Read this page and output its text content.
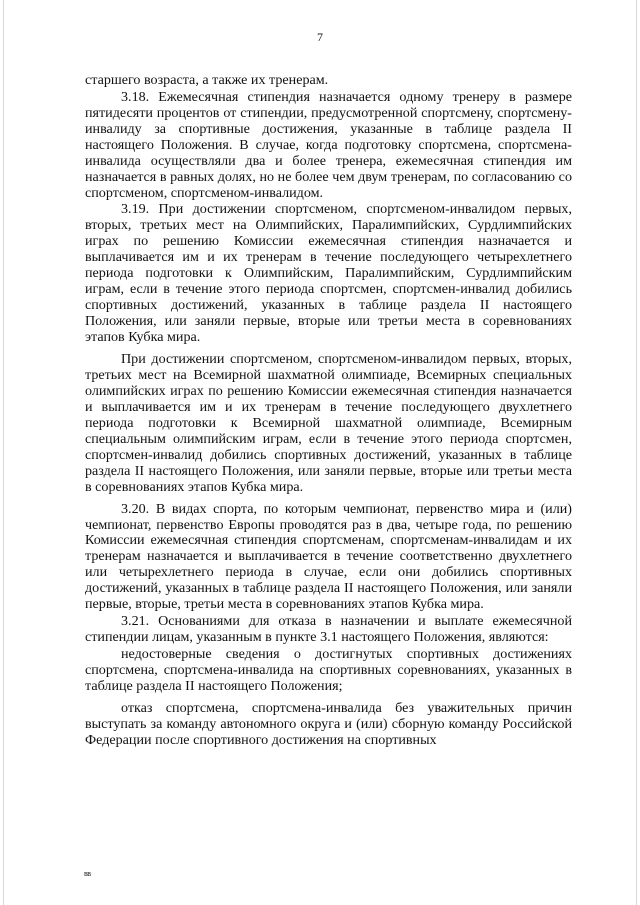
7

старшего возраста, а также их тренерам.

3.18. Ежемесячная стипендия назначается одному тренеру в размере пятидесяти процентов от стипендии, предусмотренной спортсмену, спортсмену-инвалиду за спортивные достижения, указанные в таблице раздела II настоящего Положения. В случае, когда подготовку спортсмена, спортсмена-инвалида осуществляли два и более тренера, ежемесячная стипендия им назначается в равных долях, но не более чем двум тренерам, по согласованию со спортсменом, спортсменом-инвалидом.

3.19. При достижении спортсменом, спортсменом-инвалидом первых, вторых, третьих мест на Олимпийских, Паралимпийских, Сурдлимпийских играх по решению Комиссии ежемесячная стипендия назначается и выплачивается им и их тренерам в течение последующего четырехлетнего периода подготовки к Олимпийским, Паралимпийским, Сурдлимпийским играм, если в течение этого периода спортсмен, спортсмен-инвалид добились спортивных достижений, указанных в таблице раздела II настоящего Положения, или заняли первые, вторые или третьи места в соревнованиях этапов Кубка мира.

При достижении спортсменом, спортсменом-инвалидом первых, вторых, третьих мест на Всемирной шахматной олимпиаде, Всемирных специальных олимпийских играх по решению Комиссии ежемесячная стипендия назначается и выплачивается им и их тренерам в течение последующего двухлетнего периода подготовки к Всемирной шахматной олимпиаде, Всемирным специальным олимпийским играм, если в течение этого периода спортсмен, спортсмен-инвалид добились спортивных достижений, указанных в таблице раздела II настоящего Положения, или заняли первые, вторые или третьи места в соревнованиях этапов Кубка мира.

3.20. В видах спорта, по которым чемпионат, первенство мира и (или) чемпионат, первенство Европы проводятся раз в два, четыре года, по решению Комиссии ежемесячная стипендия спортсменам, спортсменам-инвалидам и их тренерам назначается и выплачивается в течение соответственно двухлетнего или четырехлетнего периода в случае, если они добились спортивных достижений, указанных в таблице раздела II настоящего Положения, или заняли первые, вторые, третьи места в соревнованиях этапов Кубка мира.

3.21. Основаниями для отказа в назначении и выплате ежемесячной стипендии лицам, указанным в пункте 3.1 настоящего Положения, являются:

недостоверные сведения о достигнутых спортивных достижениях спортсмена, спортсмена-инвалида на спортивных соревнованиях, указанных в таблице раздела II настоящего Положения;

отказ спортсмена, спортсмена-инвалида без уважительных причин выступать за команду автономного округа и (или) сборную команду Российской Федерации после спортивного достижения на спортивных

вв
